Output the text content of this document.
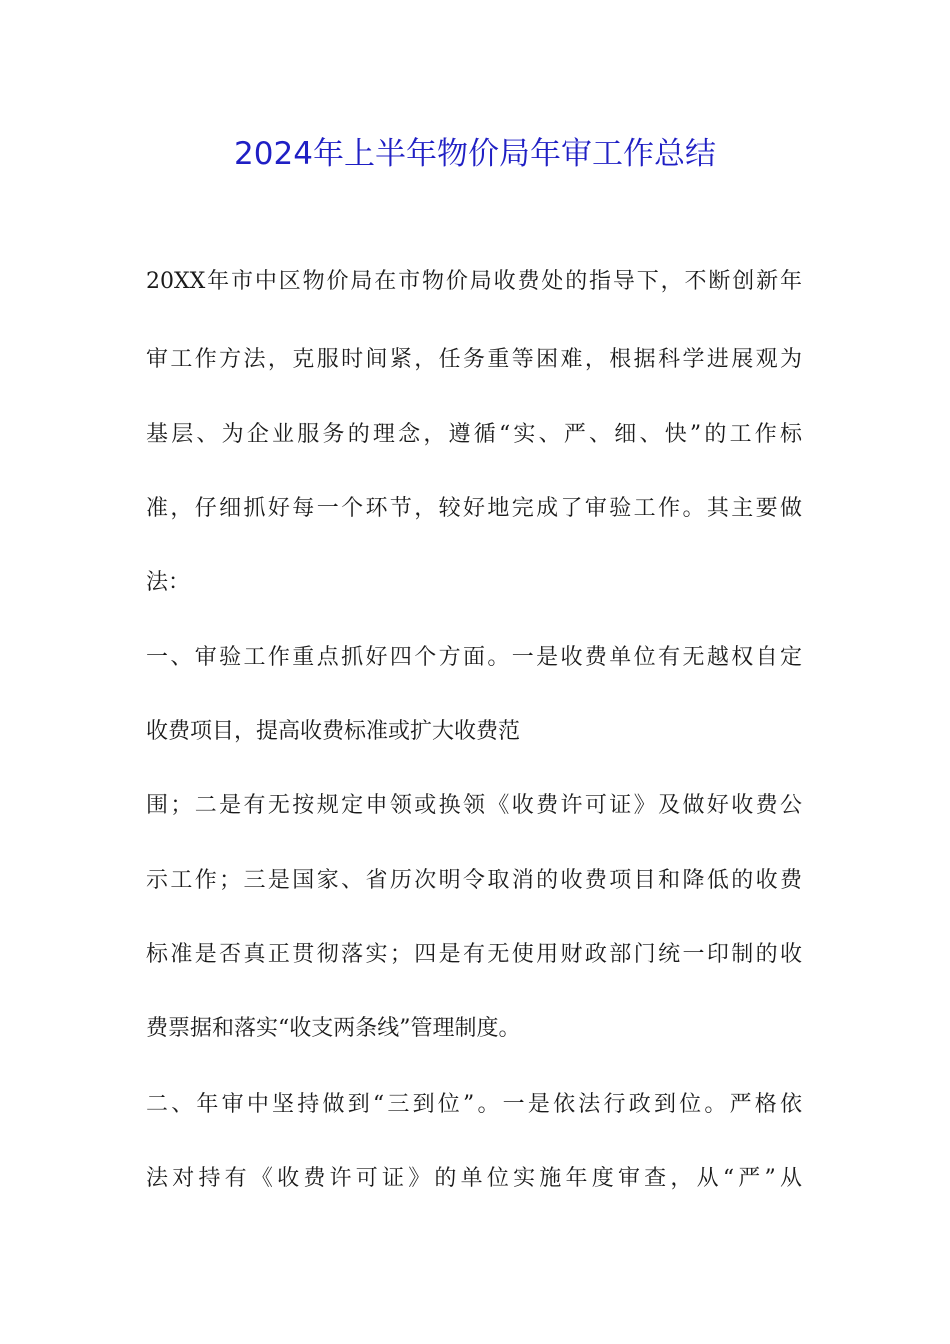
2024年上半年物价局年审工作总结
20XX年市中区物价局在市物价局收费处的指导下，不断创新年
审工作方法，克服时间紧，任务重等困难，根据科学进展观为
基层、为企业服务的理念，遵循“实、严、细、快”的工作标
准，仔细抓好每一个环节，较好地完成了审验工作。其主要做
法：
一、审验工作重点抓好四个方面。一是收费单位有无越权自定
收费项目，提高收费标准或扩大收费范
围；二是有无按规定申领或换领《收费许可证》及做好收费公
示工作；三是国家、省历次明令取消的收费项目和降低的收费
标准是否真正贯彻落实；四是有无使用财政部门统一印制的收
费票据和落实“收支两条线”管理制度。
二、年审中坚持做到“三到位”。一是依法行政到位。严格依
法对持有《收费许可证》的单位实施年度审查，从“严”从
